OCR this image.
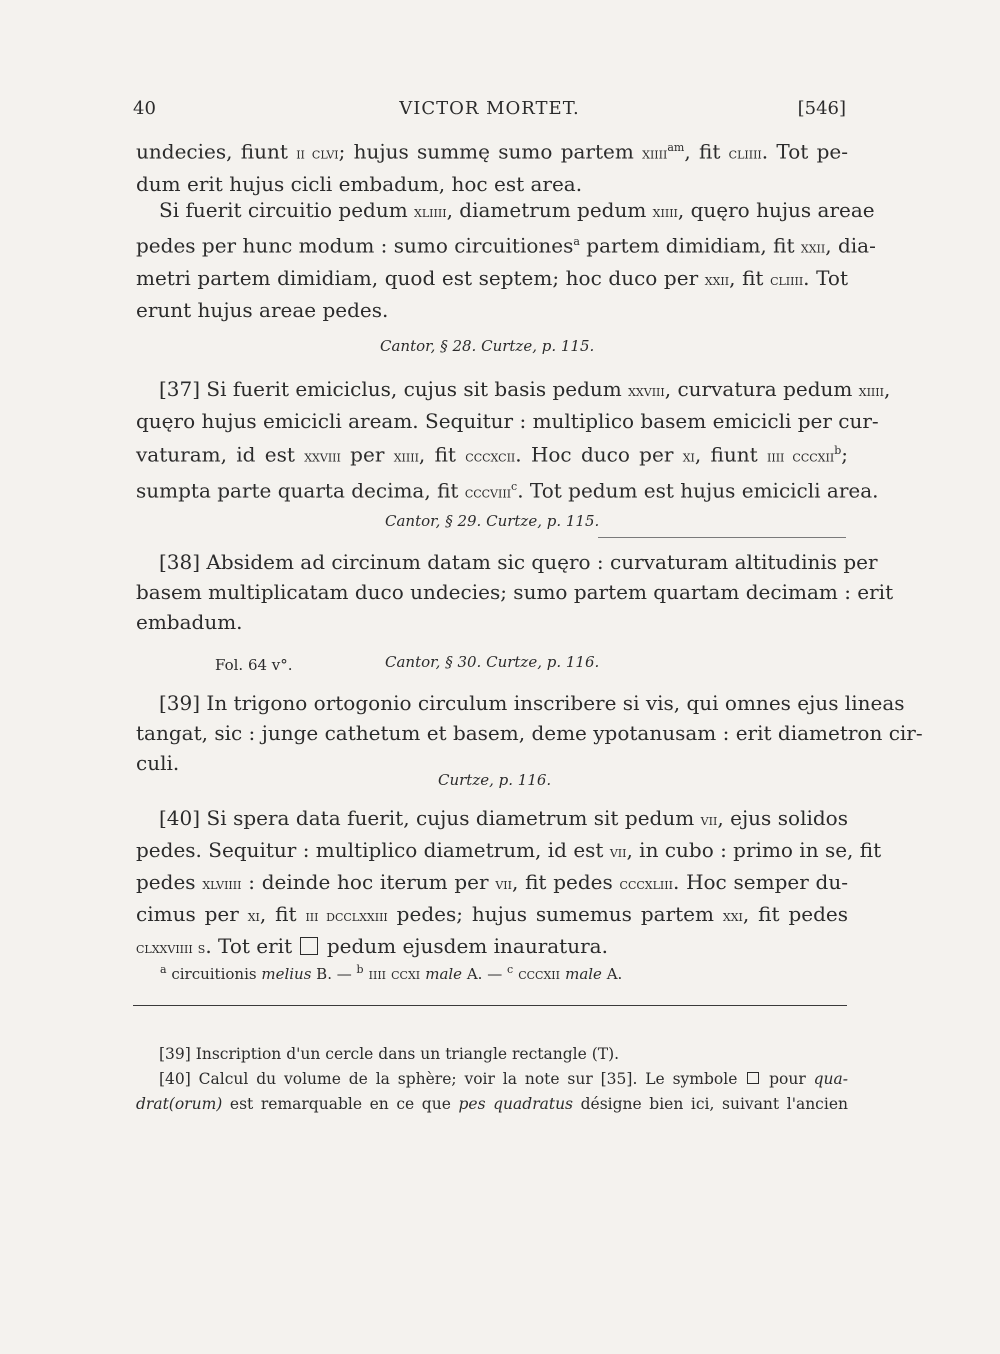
40	VICTOR MORTET.	[546]
undecies, fiunt ii clvi; hujus summę sumo partem xiiii$^{am}$, fit cliiii. Tot pe-
dum erit hujus cicli embadum, hoc est area.
Si fuerit circuitio pedum xliiii, diametrum pedum xiiii, quęro hujus areae
pedes per hunc modum : sumo circuitiones$^a$ partem dimidiam, fit xxii, dia-
metri partem dimidiam, quod est septem; hoc duco per xxii, fit cliiii. Tot
erunt hujus areae pedes.
Cantor, § 28. Curtze, p. 115.
[37] Si fuerit emiciclus, cujus sit basis pedum xxviii, curvatura pedum xiiii,
quęro hujus emicicli aream. Sequitur : multiplico basem emicicli per cur-
vaturam, id est xxviii per xiiii, fit cccxcii. Hoc duco per xi, fiunt iiii cccxii$^b$;
sumpta parte quarta decima, fit cccviii$^c$. Tot pedum est hujus emicicli area.
Cantor, § 29. Curtze, p. 115.
[38] Absidem ad circinum datam sic quęro : curvaturam altitudinis per
basem multiplicatam duco undecies; sumo partem quartam decimam : erit
embadum.
Fol. 64 v°.	Cantor, § 30. Curtze, p. 116.
[39] In trigono ortogonio circulum inscribere si vis, qui omnes ejus lineas
tangat, sic : junge cathetum et basem, deme ypotanusam : erit diametron cir-
culi.
Curtze, p. 116.
[40] Si spera data fuerit, cujus diametrum sit pedum vii, ejus solidos
pedes. Sequitur : multiplico diametrum, id est vii, in cubo : primo in se, fit
pedes xlviiii : deinde hoc iterum per vii, fit pedes cccxliii. Hoc semper du-
cimus per xi, fit iii dcclxxiii pedes; hujus sumemus partem xxi, fit pedes
clxxviiii s. Tot erit  pedum ejusdem inauratura.
$^a$ circuitionis melius B. — $^b$ iiii ccxi male A. — $^c$ cccxii male A.
[39] Inscription d'un cercle dans un triangle rectangle (T).
[40] Calcul du volume de la sphère; voir la note sur [35]. Le symbole  pour qua-
drat(orum) est remarquable en ce que pes quadratus désigne bien ici, suivant l'ancien
